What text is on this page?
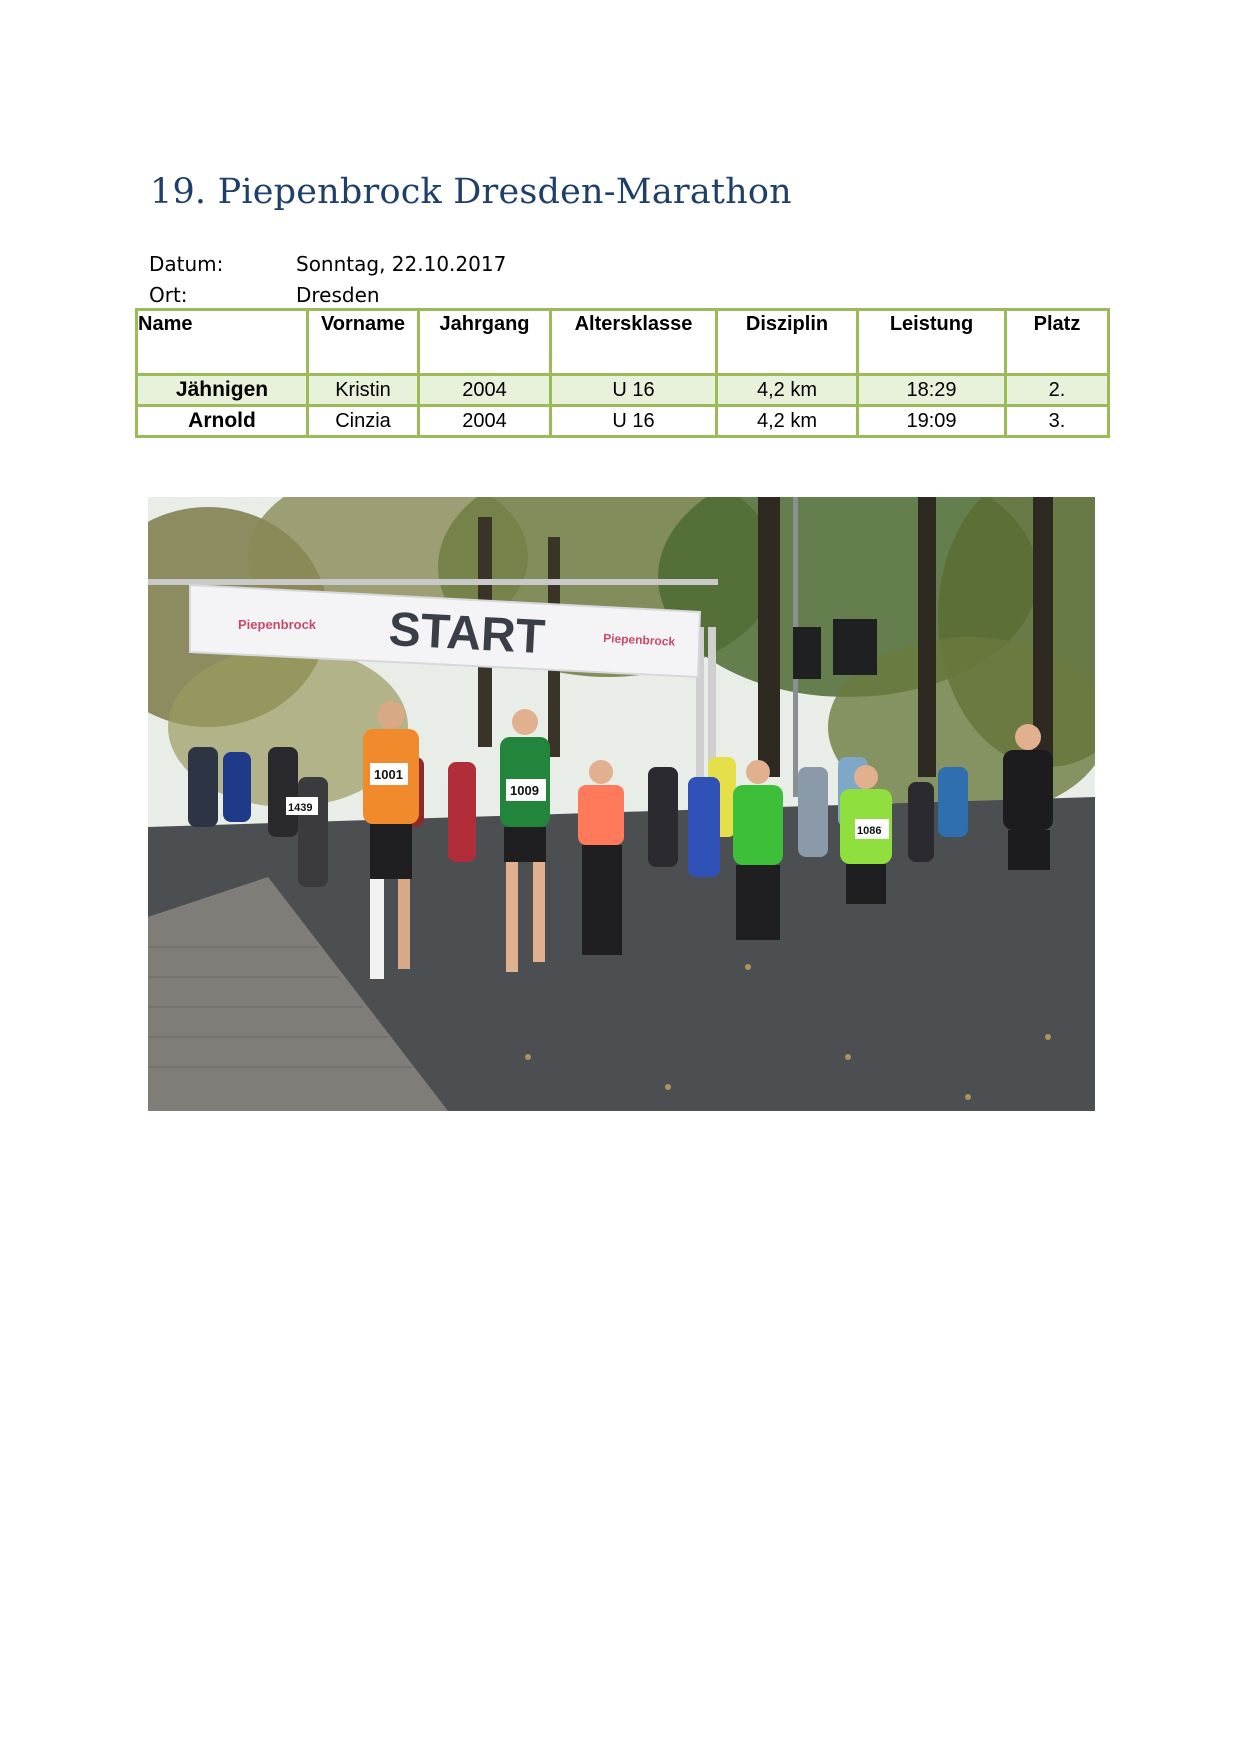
19. Piepenbrock Dresden-Marathon
Datum:	Sonntag, 22.10.2017
Ort:	Dresden
Name	Vorname	Jahrgang	Altersklasse	Disziplin	Leistung	Platz
Jähnigen	Kristin	2004	U 16	4,2 km	18:29	2.
Arnold	Cinzia	2004	U 16	4,2 km	19:09	3.
Piepenbrock START	Piepenbrock
1001
1009
1439
1086
